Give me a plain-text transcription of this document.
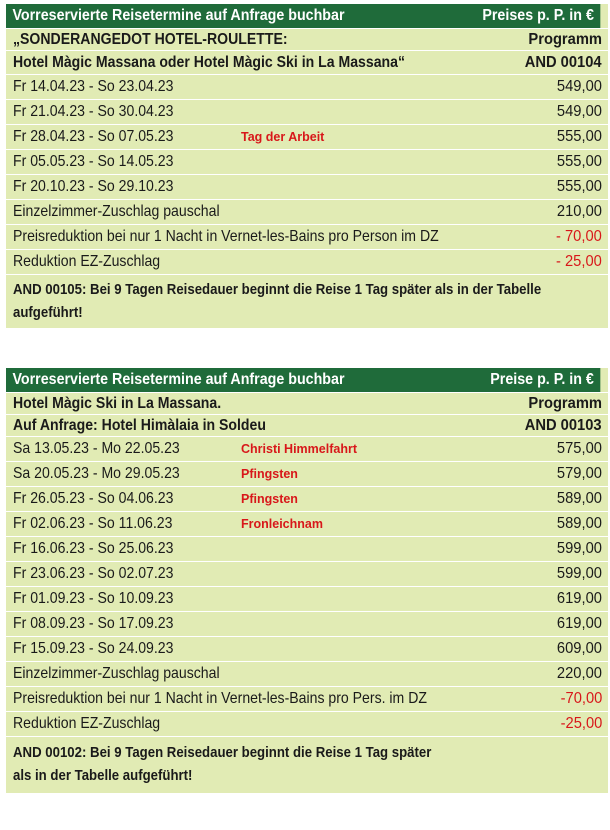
Vorreservierte Reisetermine auf Anfrage buchbar	Preises p. P. in €
„SONDERANGEDOT HOTEL-ROULETTE:	Programm
Hotel Màgic Massana oder Hotel Màgic Ski in La Massana“	AND 00104
Fr 14.04.23 - So 23.04.23	549,00
Fr 21.04.23 - So 30.04.23	549,00
Fr 28.04.23 - So 07.05.23	Tag der Arbeit	555,00
Fr 05.05.23 - So 14.05.23	555,00
Fr 20.10.23 - So 29.10.23	555,00
Einzelzimmer-Zuschlag pauschal	210,00
Preisreduktion bei nur 1 Nacht in Vernet-les-Bains pro Person im DZ	- 70,00
Reduktion EZ-Zuschlag	- 25,00
AND 00105: Bei 9 Tagen Reisedauer beginnt die Reise 1 Tag später als in der Tabelle aufgeführt!
Vorreservierte Reisetermine auf Anfrage buchbar	Preise p. P. in €
Hotel Màgic Ski in La Massana.	Programm
Auf Anfrage: Hotel Himàlaia in Soldeu	AND 00103
Sa 13.05.23 - Mo 22.05.23	Christi Himmelfahrt	575,00
Sa 20.05.23 - Mo 29.05.23	Pfingsten	579,00
Fr 26.05.23 - So 04.06.23	Pfingsten	589,00
Fr 02.06.23 - So 11.06.23	Fronleichnam	589,00
Fr 16.06.23 - So 25.06.23	599,00
Fr 23.06.23 - So 02.07.23	599,00
Fr 01.09.23 - So 10.09.23	619,00
Fr 08.09.23 - So 17.09.23	619,00
Fr 15.09.23 - So 24.09.23	609,00
Einzelzimmer-Zuschlag pauschal	220,00
Preisreduktion bei nur 1 Nacht in Vernet-les-Bains pro Pers. im DZ	-70,00
Reduktion EZ-Zuschlag	-25,00
AND 00102: Bei 9 Tagen Reisedauer beginnt die Reise 1 Tag später
als in der Tabelle aufgeführt!
